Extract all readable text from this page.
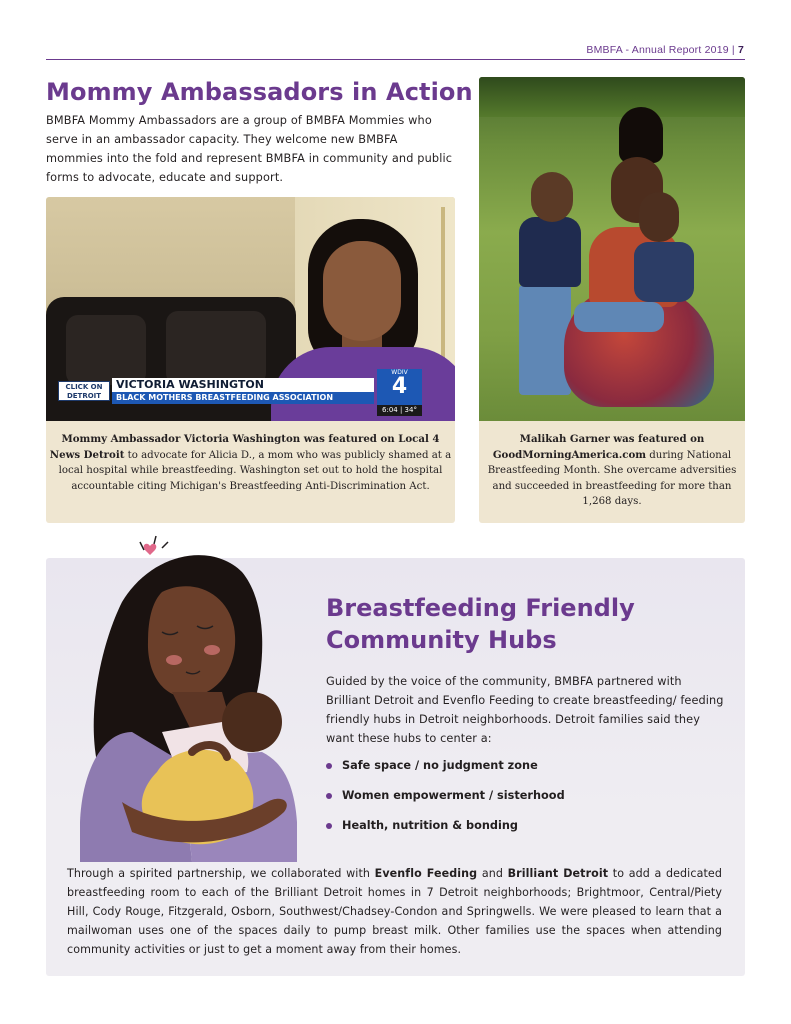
BMBFA - Annual Report 2019 | 7
Mommy Ambassadors in Action

BMBFA Mommy Ambassadors are a group of BMBFA Mommies who serve in an ambassador capacity. They welcome new BMBFA mommies into the fold and represent BMBFA in community and public forms to advocate, educate and support.

CLICK ON
DETROIT
VICTORIA WASHINGTON
BLACK MOTHERS BREASTFEEDING ASSOCIATION
WDIV
4
6:04 | 34°
Mommy Ambassador Victoria Washington was featured on Local 4 News Detroit to advocate for Alicia D., a mom who was publicly shamed at a local hospital while breastfeeding. Washington set out to hold the hospital accountable citing Michigan's Breastfeeding Anti-Discrimination Act.
Malikah Garner was featured on
GoodMorningAmerica.com during National Breastfeeding Month. She overcame adversities and succeeded in breastfeeding for more than 1,268 days.
Breastfeeding Friendly Community Hubs

Guided by the voice of the community, BMBFA partnered with Brilliant Detroit and Evenflo Feeding to create breastfeeding/ feeding friendly hubs in Detroit neighborhoods. Detroit families said they want these hubs to center a:

Safe space / no judgment zone
Women empowerment / sisterhood
Health, nutrition & bonding

Through a spirited partnership, we collaborated with Evenflo Feeding and Brilliant Detroit to add a dedicated breastfeeding room to each of the Brilliant Detroit homes in 7 Detroit neighborhoods; Brightmoor, Central/Piety Hill, Cody Rouge, Fitzgerald, Osborn, Southwest/Chadsey-Condon and Springwells. We were pleased to learn that a mailwoman uses one of the spaces daily to pump breast milk. Other families use the spaces when attending community activities or just to get a moment away from their homes.
